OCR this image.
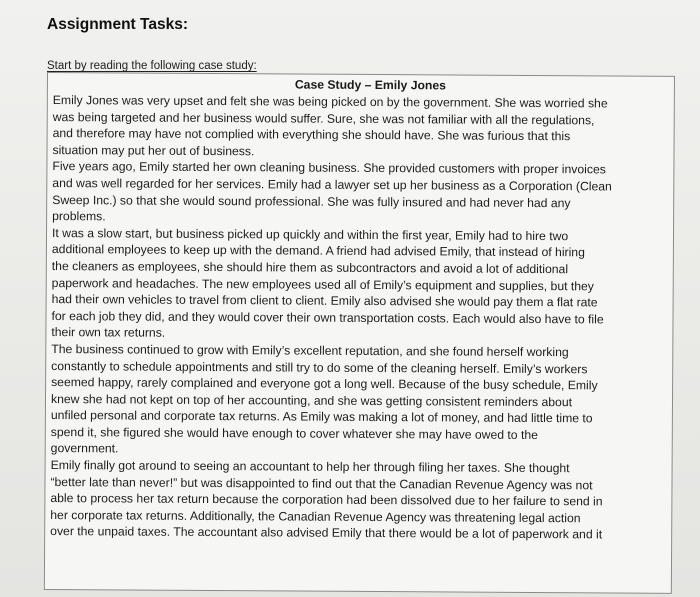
Assignment Tasks:
Start by reading the following case study:
Case Study – Emily Jones

Emily Jones was very upset and felt she was being picked on by the government. She was worried she
was being targeted and her business would suffer. Sure, she was not familiar with all the regulations,
and therefore may have not complied with everything she should have. She was furious that this
situation may put her out of business.

Five years ago, Emily started her own cleaning business. She provided customers with proper invoices
and was well regarded for her services. Emily had a lawyer set up her business as a Corporation (Clean
Sweep Inc.) so that she would sound professional. She was fully insured and had never had any
problems.

It was a slow start, but business picked up quickly and within the first year, Emily had to hire two
additional employees to keep up with the demand. A friend had advised Emily, that instead of hiring
the cleaners as employees, she should hire them as subcontractors and avoid a lot of additional
paperwork and headaches. The new employees used all of Emily’s equipment and supplies, but they
had their own vehicles to travel from client to client. Emily also advised she would pay them a flat rate
for each job they did, and they would cover their own transportation costs. Each would also have to file
their own tax returns.

The business continued to grow with Emily’s excellent reputation, and she found herself working
constantly to schedule appointments and still try to do some of the cleaning herself. Emily’s workers
seemed happy, rarely complained and everyone got a long well. Because of the busy schedule, Emily
knew she had not kept on top of her accounting, and she was getting consistent reminders about
unfiled personal and corporate tax returns. As Emily was making a lot of money, and had little time to
spend it, she figured she would have enough to cover whatever she may have owed to the
government.

Emily finally got around to seeing an accountant to help her through filing her taxes. She thought
“better late than never!” but was disappointed to find out that the Canadian Revenue Agency was not
able to process her tax return because the corporation had been dissolved due to her failure to send in
her corporate tax returns. Additionally, the Canadian Revenue Agency was threatening legal action
over the unpaid taxes. The accountant also advised Emily that there would be a lot of paperwork and it
